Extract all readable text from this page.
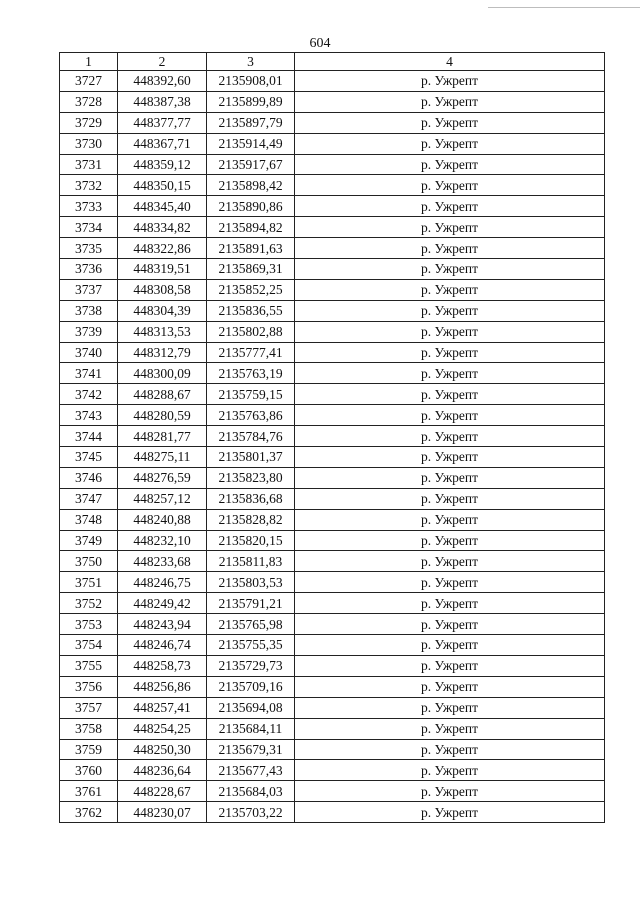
604
1	2	3	4
3727	448392,60	2135908,01	р. Ужрепт
3728	448387,38	2135899,89	р. Ужрепт
3729	448377,77	2135897,79	р. Ужрепт
3730	448367,71	2135914,49	р. Ужрепт
3731	448359,12	2135917,67	р. Ужрепт
3732	448350,15	2135898,42	р. Ужрепт
3733	448345,40	2135890,86	р. Ужрепт
3734	448334,82	2135894,82	р. Ужрепт
3735	448322,86	2135891,63	р. Ужрепт
3736	448319,51	2135869,31	р. Ужрепт
3737	448308,58	2135852,25	р. Ужрепт
3738	448304,39	2135836,55	р. Ужрепт
3739	448313,53	2135802,88	р. Ужрепт
3740	448312,79	2135777,41	р. Ужрепт
3741	448300,09	2135763,19	р. Ужрепт
3742	448288,67	2135759,15	р. Ужрепт
3743	448280,59	2135763,86	р. Ужрепт
3744	448281,77	2135784,76	р. Ужрепт
3745	448275,11	2135801,37	р. Ужрепт
3746	448276,59	2135823,80	р. Ужрепт
3747	448257,12	2135836,68	р. Ужрепт
3748	448240,88	2135828,82	р. Ужрепт
3749	448232,10	2135820,15	р. Ужрепт
3750	448233,68	2135811,83	р. Ужрепт
3751	448246,75	2135803,53	р. Ужрепт
3752	448249,42	2135791,21	р. Ужрепт
3753	448243,94	2135765,98	р. Ужрепт
3754	448246,74	2135755,35	р. Ужрепт
3755	448258,73	2135729,73	р. Ужрепт
3756	448256,86	2135709,16	р. Ужрепт
3757	448257,41	2135694,08	р. Ужрепт
3758	448254,25	2135684,11	р. Ужрепт
3759	448250,30	2135679,31	р. Ужрепт
3760	448236,64	2135677,43	р. Ужрепт
3761	448228,67	2135684,03	р. Ужрепт
3762	448230,07	2135703,22	р. Ужрепт
